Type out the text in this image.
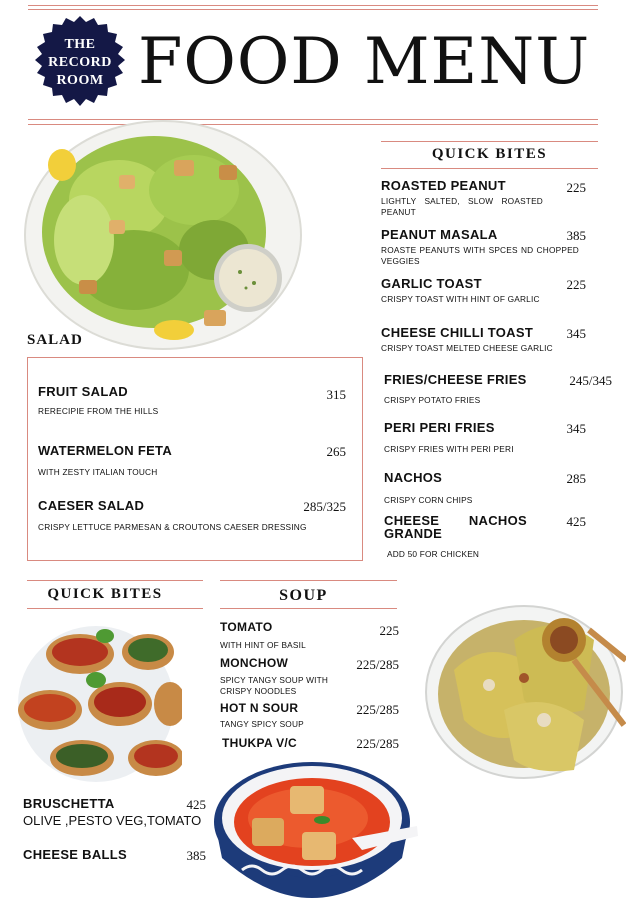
THE
RECORD
ROOM FOOD MENU
SALAD
FRUIT SALAD	315
RERECIPIE FROM THE HILLS
WATERMELON FETA	265
WITH ZESTY ITALIAN TOUCH
CAESER SALAD	285/325
CRISPY LETTUCE PARMESAN & CROUTONS CAESER DRESSING
QUICK BITES
ROASTED PEANUT	225
LIGHTLY SALTED, SLOW ROASTED PEANUT
PEANUT MASALA	385
ROASTE PEANUTS WITH SPCES ND CHOPPED VEGGIES
GARLIC TOAST	225
CRISPY TOAST WITH HINT OF GARLIC
CHEESE CHILLI TOAST	345
CRISPY TOAST MELTED CHEESE GARLIC
FRIES/CHEESE FRIES	245/345
CRISPY POTATO FRIES
PERI PERI FRIES	345
CRISPY FRIES WITH PERI PERI
NACHOS	285
CRISPY CORN CHIPS
CHEESE NACHOS
GRANDE
425
ADD 50 FOR CHICKEN
QUICK BITES
BRUSCHETTA	425
OLIVE ,PESTO VEG,TOMATO
CHEESE BALLS	385
SOUP
TOMATO	225
WITH HINT OF BASIL
MONCHOW	225/285
SPICY TANGY SOUP WITH CRISPY NOODLES
HOT N SOUR	225/285
TANGY SPICY SOUP
THUKPA V/C	225/285
